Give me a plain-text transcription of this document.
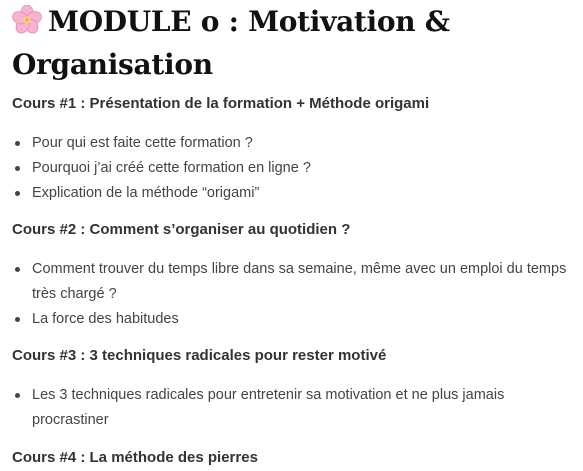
MODULE o : Motivation & Organisation
Cours #1 : Présentation de la formation + Méthode origami
Pour qui est faite cette formation ?
Pourquoi j’ai créé cette formation en ligne ?
Explication de la méthode “origami”
Cours #2 : Comment s’organiser au quotidien ?
Comment trouver du temps libre dans sa semaine, même avec un emploi du temps très chargé ?
La force des habitudes
Cours #3 : 3 techniques radicales pour rester motivé
Les 3 techniques radicales pour entretenir sa motivation et ne plus jamais procrastiner
Cours #4 : La méthode des pierres
